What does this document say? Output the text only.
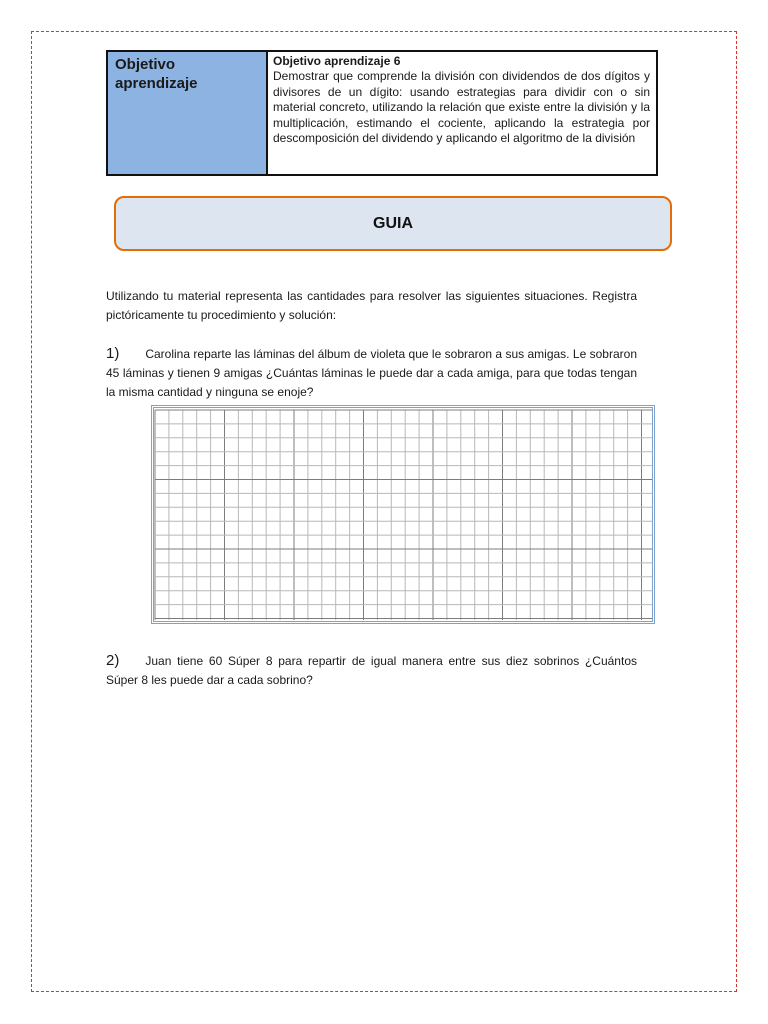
Objetivo aprendizaje
Objetivo aprendizaje 6
Demostrar que comprende la división con dividendos de dos dígitos y divisores de un dígito: usando estrategias para dividir con o sin material concreto, utilizando la relación que existe entre la división y la multiplicación, estimando el cociente, aplicando la estrategia por descomposición del dividendo y aplicando el algoritmo de la división
GUIA
Utilizando tu material representa las cantidades para resolver las siguientes situaciones. Registra pictóricamente tu procedimiento y solución:
1) Carolina reparte las láminas del álbum de violeta que le sobraron a sus amigas. Le sobraron 45 láminas y tienen 9 amigas ¿Cuántas láminas le puede dar a cada amiga, para que todas tengan la misma cantidad y ninguna se enoje?
2) Juan tiene 60 Súper 8 para repartir de igual manera entre sus diez sobrinos ¿Cuántos Súper 8 les puede dar a cada sobrino?
